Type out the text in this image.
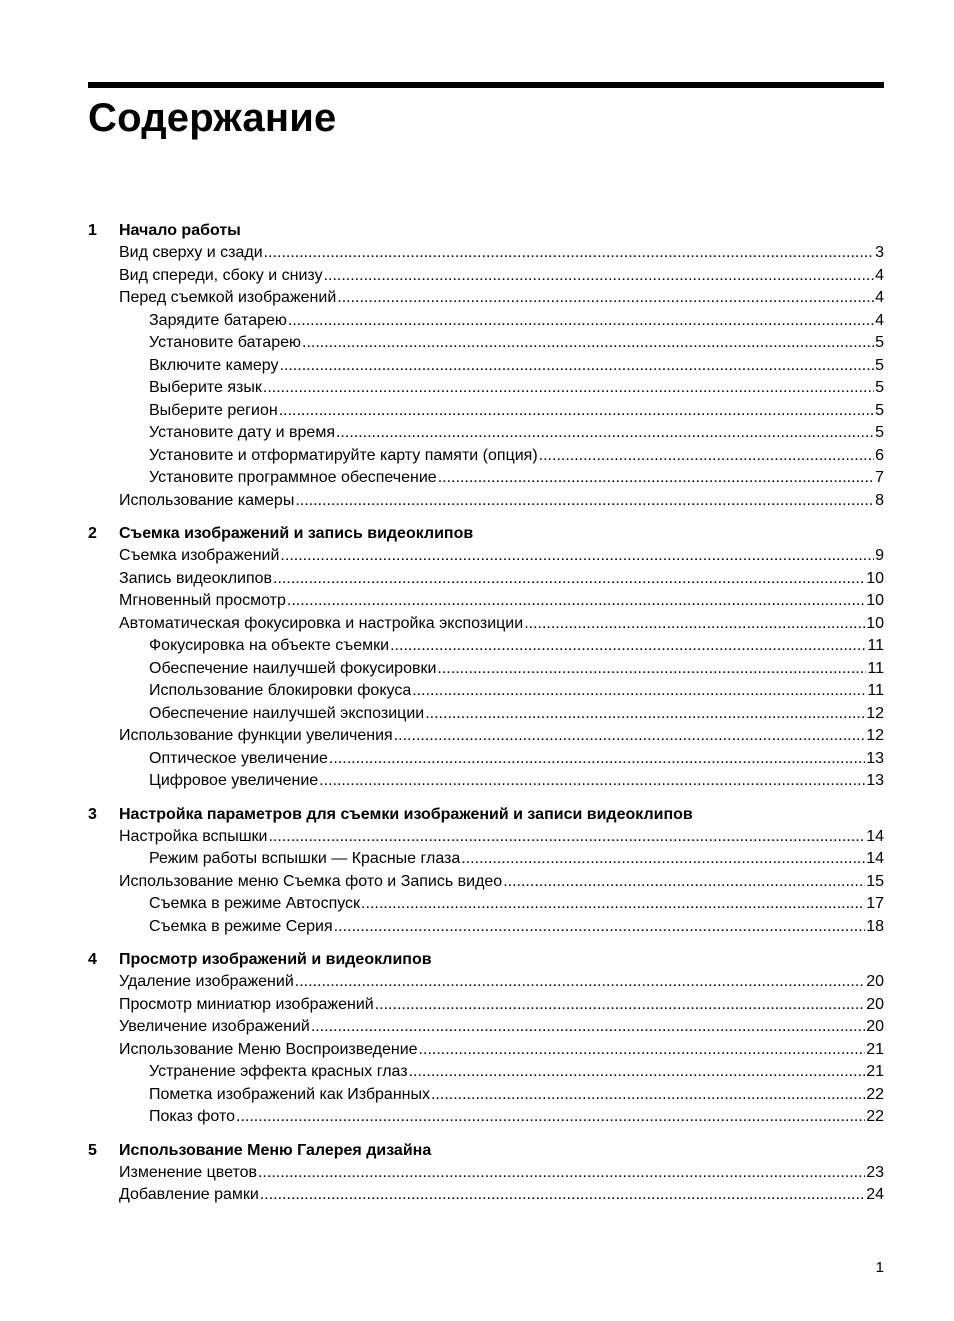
Содержание
1	Начало работы
Вид сверху и сзади .....	3
Вид спереди, сбоку и снизу .....	4
Перед съемкой изображений .....	4
Зарядите батарею .....	4
Установите батарею .....	5
Включите камеру .....	5
Выберите язык .....	5
Выберите регион .....	5
Установите дату и время .....	5
Установите и отформатируйте карту памяти (опция) .....	6
Установите программное обеспечение .....	7
Использование камеры .....	8
2	Съемка изображений и запись видеоклипов
Съемка изображений .....	9
Запись видеоклипов .....	10
Мгновенный просмотр .....	10
Автоматическая фокусировка и настройка экспозиции .....	10
Фокусировка на объекте съемки .....	11
Обеспечение наилучшей фокусировки .....	11
Использование блокировки фокуса .....	11
Обеспечение наилучшей экспозиции .....	12
Использование функции увеличения .....	12
Оптическое увеличение .....	13
Цифровое увеличение .....	13
3	Настройка параметров для съемки изображений и записи видеоклипов
Настройка вспышки .....	14
Режим работы вспышки — Красные глаза .....	14
Использование меню Съемка фото и Запись видео .....	15
Съемка в режиме Автоспуск .....	17
Съемка в режиме Серия .....	18
4	Просмотр изображений и видеоклипов
Удаление изображений .....	20
Просмотр миниатюр изображений .....	20
Увеличение изображений .....	20
Использование Меню Воспроизведение .....	21
Устранение эффекта красных глаз .....	21
Пометка изображений как Избранных .....	22
Показ фото .....	22
5	Использование Меню Галерея дизайна
Изменение цветов .....	23
Добавление рамки .....	24
1
